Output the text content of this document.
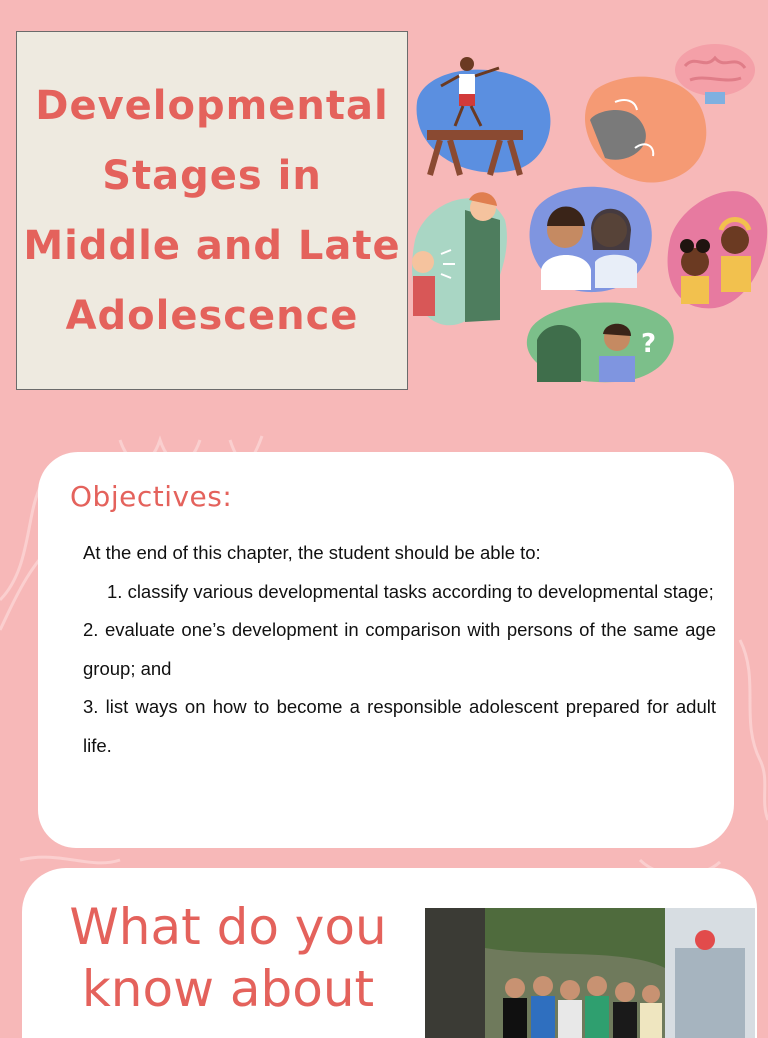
Developmental Stages in Middle and Late Adolescence
?
Objectives:

At the end of this chapter, the student should be able to:

1. classify various developmental tasks according to developmental stage;

2. evaluate one’s development in comparison with persons of the same age group; and

3. list ways on how to become a responsible adolescent prepared for adult life.

What do you know about
